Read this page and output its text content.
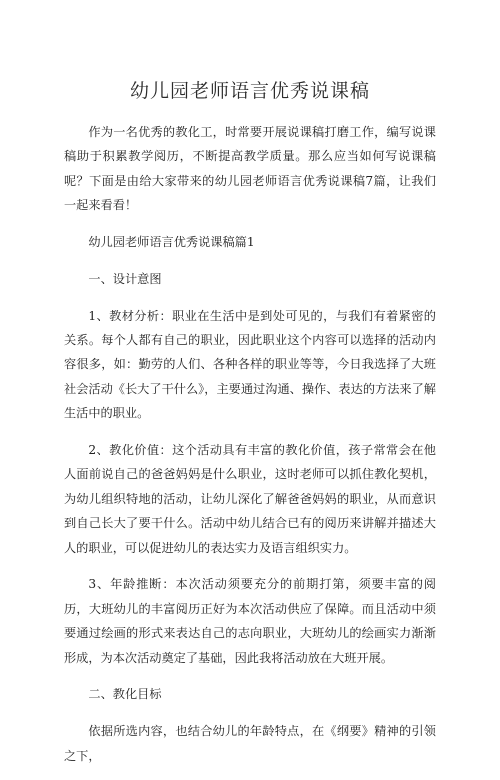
幼儿园老师语言优秀说课稿

作为一名优秀的教化工，时常要开展说课稿打磨工作，编写说课稿助于积累教学阅历，不断提高教学质量。那么应当如何写说课稿呢？下面是由给大家带来的幼儿园老师语言优秀说课稿7篇，让我们一起来看看！

幼儿园老师语言优秀说课稿篇1

一、设计意图

1、教材分析：职业在生活中是到处可见的，与我们有着紧密的关系。每个人都有自己的职业，因此职业这个内容可以选择的活动内容很多，如：勤劳的人们、各种各样的职业等等，今日我选择了大班社会活动《长大了干什么》，主要通过沟通、操作、表达的方法来了解生活中的职业。

2、教化价值：这个活动具有丰富的教化价值，孩子常常会在他人面前说自己的爸爸妈妈是什么职业，这时老师可以抓住教化契机，为幼儿组织特地的活动，让幼儿深化了解爸爸妈妈的职业，从而意识到自己长大了要干什么。活动中幼儿结合已有的阅历来讲解并描述大人的职业，可以促进幼儿的表达实力及语言组织实力。

3、年龄推断：本次活动须要充分的前期打第，须要丰富的阅历，大班幼儿的丰富阅历正好为本次活动供应了保障。而且活动中须要通过绘画的形式来表达自己的志向职业，大班幼儿的绘画实力渐渐形成，为本次活动奠定了基础，因此我将活动放在大班开展。

二、教化目标

依据所选内容，也结合幼儿的年龄特点，在《纲要》精神的引领之下，
